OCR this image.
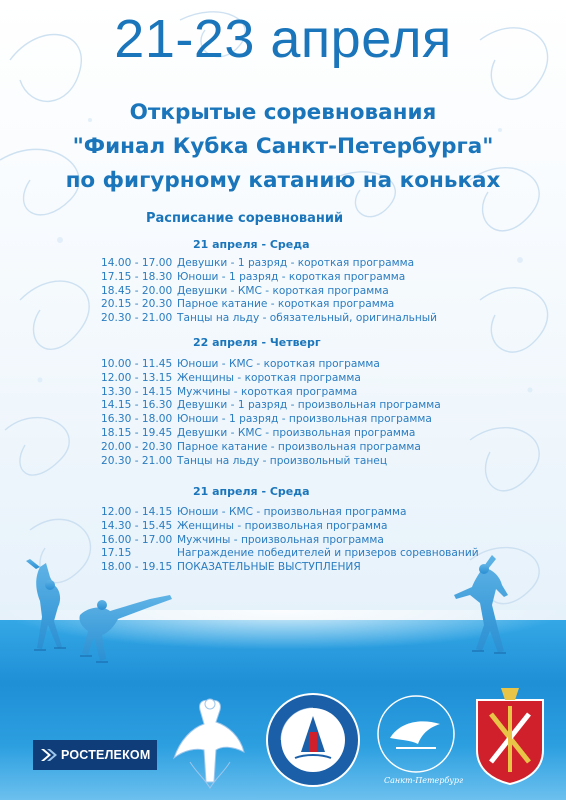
21-23 апреля
Открытые соревнования
"Финал Кубка Санкт-Петербурга"
по фигурному катанию на коньках
Расписание соревнований
21 апреля - Среда
14.00 - 17.00 Девушки - 1 разряд - короткая программа
17.15 - 18.30 Юноши - 1 разряд - короткая программа
18.45 - 20.00 Девушки - КМС - короткая программа
20.15 - 20.30 Парное катание - короткая программа
20.30 - 21.00 Танцы на льду - обязательный, оригинальный
22 апреля - Четверг
10.00 - 11.45 Юноши - КМС - короткая программа
12.00 - 13.15 Женщины - короткая программа
13.30 - 14.15 Мужчины - короткая программа
14.15 - 16.30 Девушки - 1 разряд - произвольная программа
16.30 - 18.00 Юноши - 1 разряд - произвольная программа
18.15 - 19.45 Девушки - КМС - произвольная программа
20.00 - 20.30 Парное катание - произвольная программа
20.30 - 21.00 Танцы на льду - произвольный танец
21 апреля - Среда
12.00 - 14.15 Юноши - КМС - произвольная программа
14.30 - 15.45 Женщины - произвольная программа
16.00 - 17.00 Мужчины - произвольная программа
17.15	Награждение победителей и призеров соревнований
18.00 - 19.15 ПОКАЗАТЕЛЬНЫЕ ВЫСТУПЛЕНИЯ
РОСТЕЛЕКОМ
Санкт-Петербург
